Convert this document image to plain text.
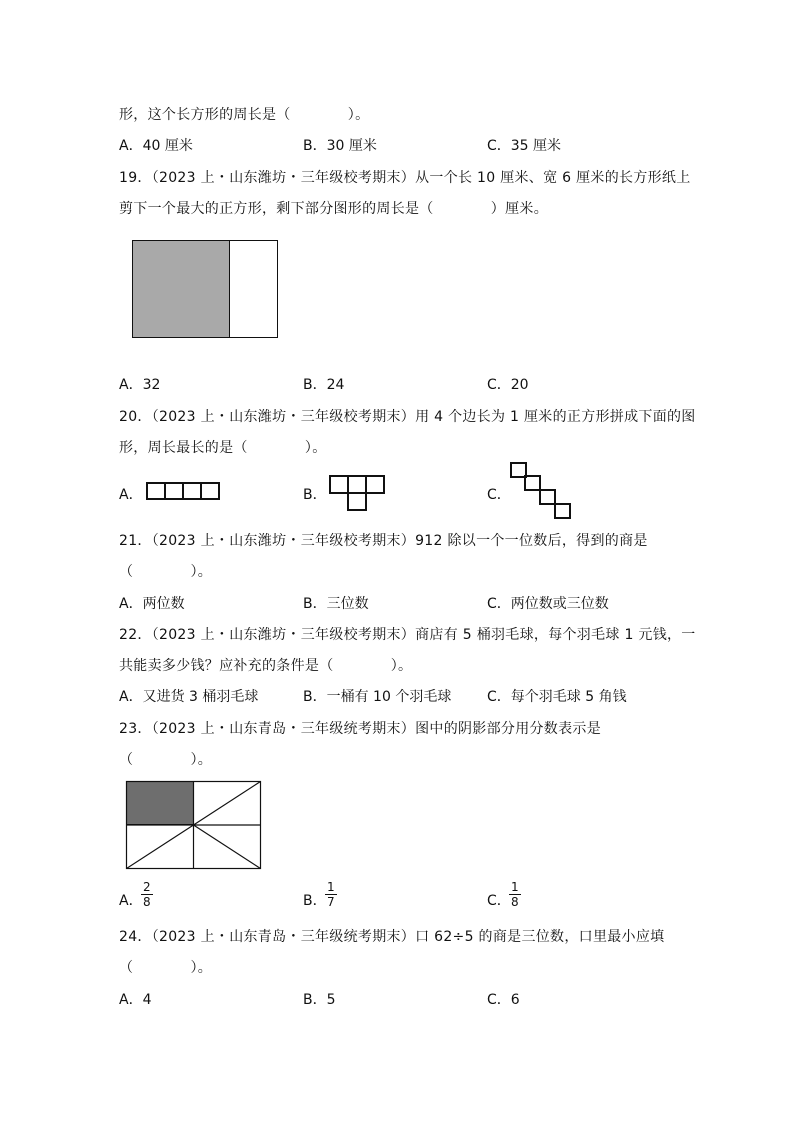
形，这个长方形的周长是（　　　　）。
A．40 厘米	B．30 厘米	C．35 厘米
19．（2023 上・山东潍坊・三年级校考期末）从一个长 10 厘米、宽 6 厘米的长方形纸上
剪下一个最大的正方形，剩下部分图形的周长是（　　　　）厘米。
A．32	B．24	C．20
20．（2023 上・山东潍坊・三年级校考期末）用 4 个边长为 1 厘米的正方形拼成下面的图
形，周长最长的是（　　　　）。
A．	B．	C．
21．（2023 上・山东潍坊・三年级校考期末）912 除以一个一位数后，得到的商是
（　　　　）。
A．两位数	B．三位数	C．两位数或三位数
22．（2023 上・山东潍坊・三年级校考期末）商店有 5 桶羽毛球，每个羽毛球 1 元钱，一
共能卖多少钱？应补充的条件是（　　　　）。
A．又进货 3 桶羽毛球	B．一桶有 10 个羽毛球	C．每个羽毛球 5 角钱
23．（2023 上・山东青岛・三年级统考期末）图中的阴影部分用分数表示是
（　　　　）。
A．
$\frac{2}{8}$	B．
$\frac{1}{7}$	C．
$\frac{1}{8}$
24．（2023 上・山东青岛・三年级统考期末）口 62÷5 的商是三位数，口里最小应填
（　　　　）。
A．4	B．5	C．6
